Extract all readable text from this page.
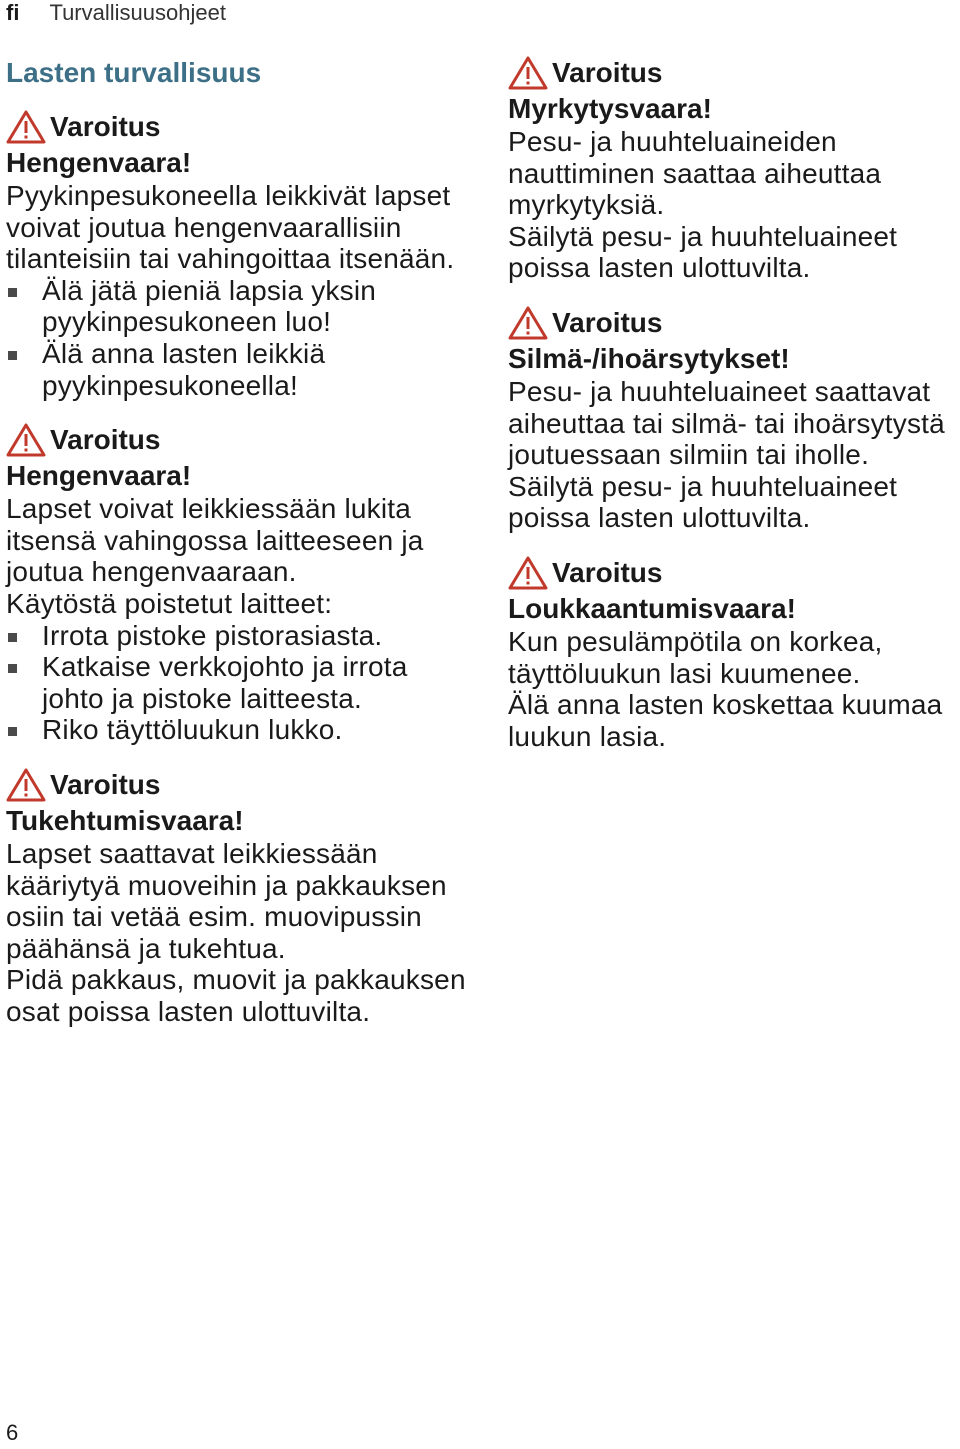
fi Turvallisuusohjeet
Lasten turvallisuus
Varoitus
Hengenvaara!

Pyykinpesukoneella leikkivät lapset voivat joutua hengenvaarallisiin tilanteisiin tai vahingoittaa itsenään.

Älä jätä pieniä lapsia yksin pyykinpesukoneen luo!
Älä anna lasten leikkiä pyykinpesukoneella!
Varoitus
Hengenvaara!

Lapset voivat leikkiessään lukita itsensä vahingossa laitteeseen ja joutua hengenvaaraan.

Käytöstä poistetut laitteet:

Irrota pistoke pistorasiasta.
Katkaise verkkojohto ja irrota johto ja pistoke laitteesta.
Riko täyttöluukun lukko.
Varoitus
Tukehtumisvaara!

Lapset saattavat leikkiessään kääriytyä muoveihin ja pakkauksen osiin tai vetää esim. muovipussin päähänsä ja tukehtua.

Pidä pakkaus, muovit ja pakkauksen osat poissa lasten ulottuvilta.

Varoitus
Myrkytysvaara!

Pesu- ja huuhteluaineiden nauttiminen saattaa aiheuttaa myrkytyksiä.

Säilytä pesu- ja huuhteluaineet poissa lasten ulottuvilta.

Varoitus
Silmä-/ihoärsytykset!

Pesu- ja huuhteluaineet saattavat aiheuttaa tai silmä- tai ihoärsytystä joutuessaan silmiin tai iholle.

Säilytä pesu- ja huuhteluaineet poissa lasten ulottuvilta.

Varoitus
Loukkaantumisvaara!

Kun pesulämpötila on korkea, täyttöluukun lasi kuumenee.

Älä anna lasten koskettaa kuumaa luukun lasia.

6
